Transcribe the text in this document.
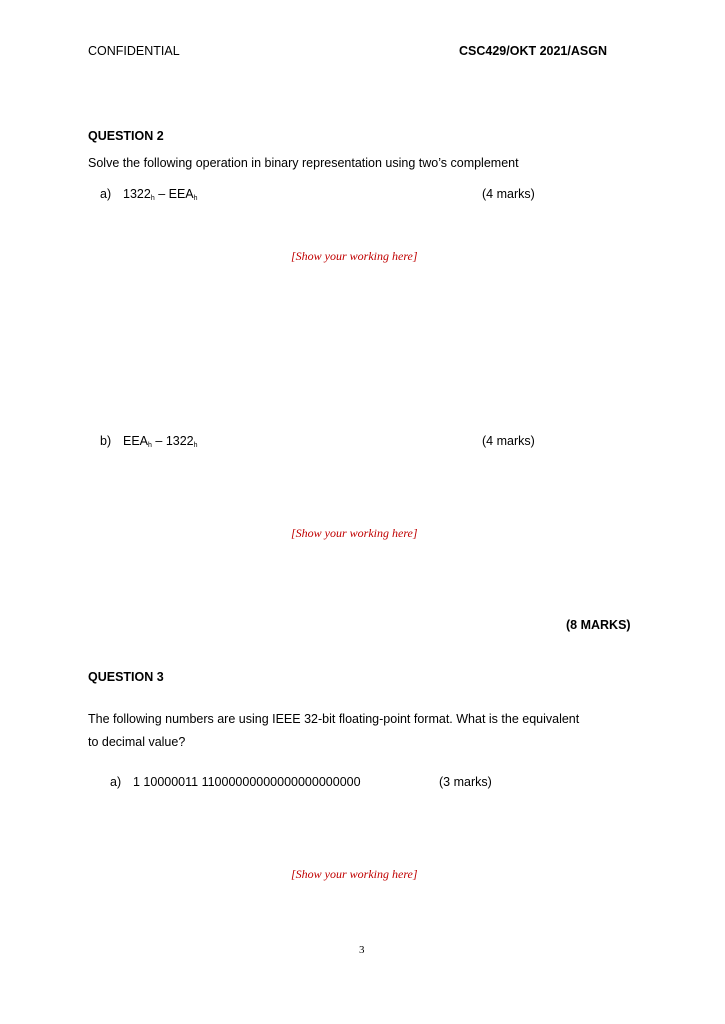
CONFIDENTIAL	CSC429/OKT 2021/ASGN
QUESTION 2
Solve the following operation in binary representation using two’s complement
a) $1322_h - EEA_h$	(4 marks)
[Show your working here]
b) $EEA_h - 1322_h$	(4 marks)
[Show your working here]
(8 MARKS)
QUESTION 3
The following numbers are using IEEE 32-bit floating-point format. What is the equivalent
to decimal value?
a) 1 10000011 11000000000000000000000	(3 marks)
[Show your working here]
3
